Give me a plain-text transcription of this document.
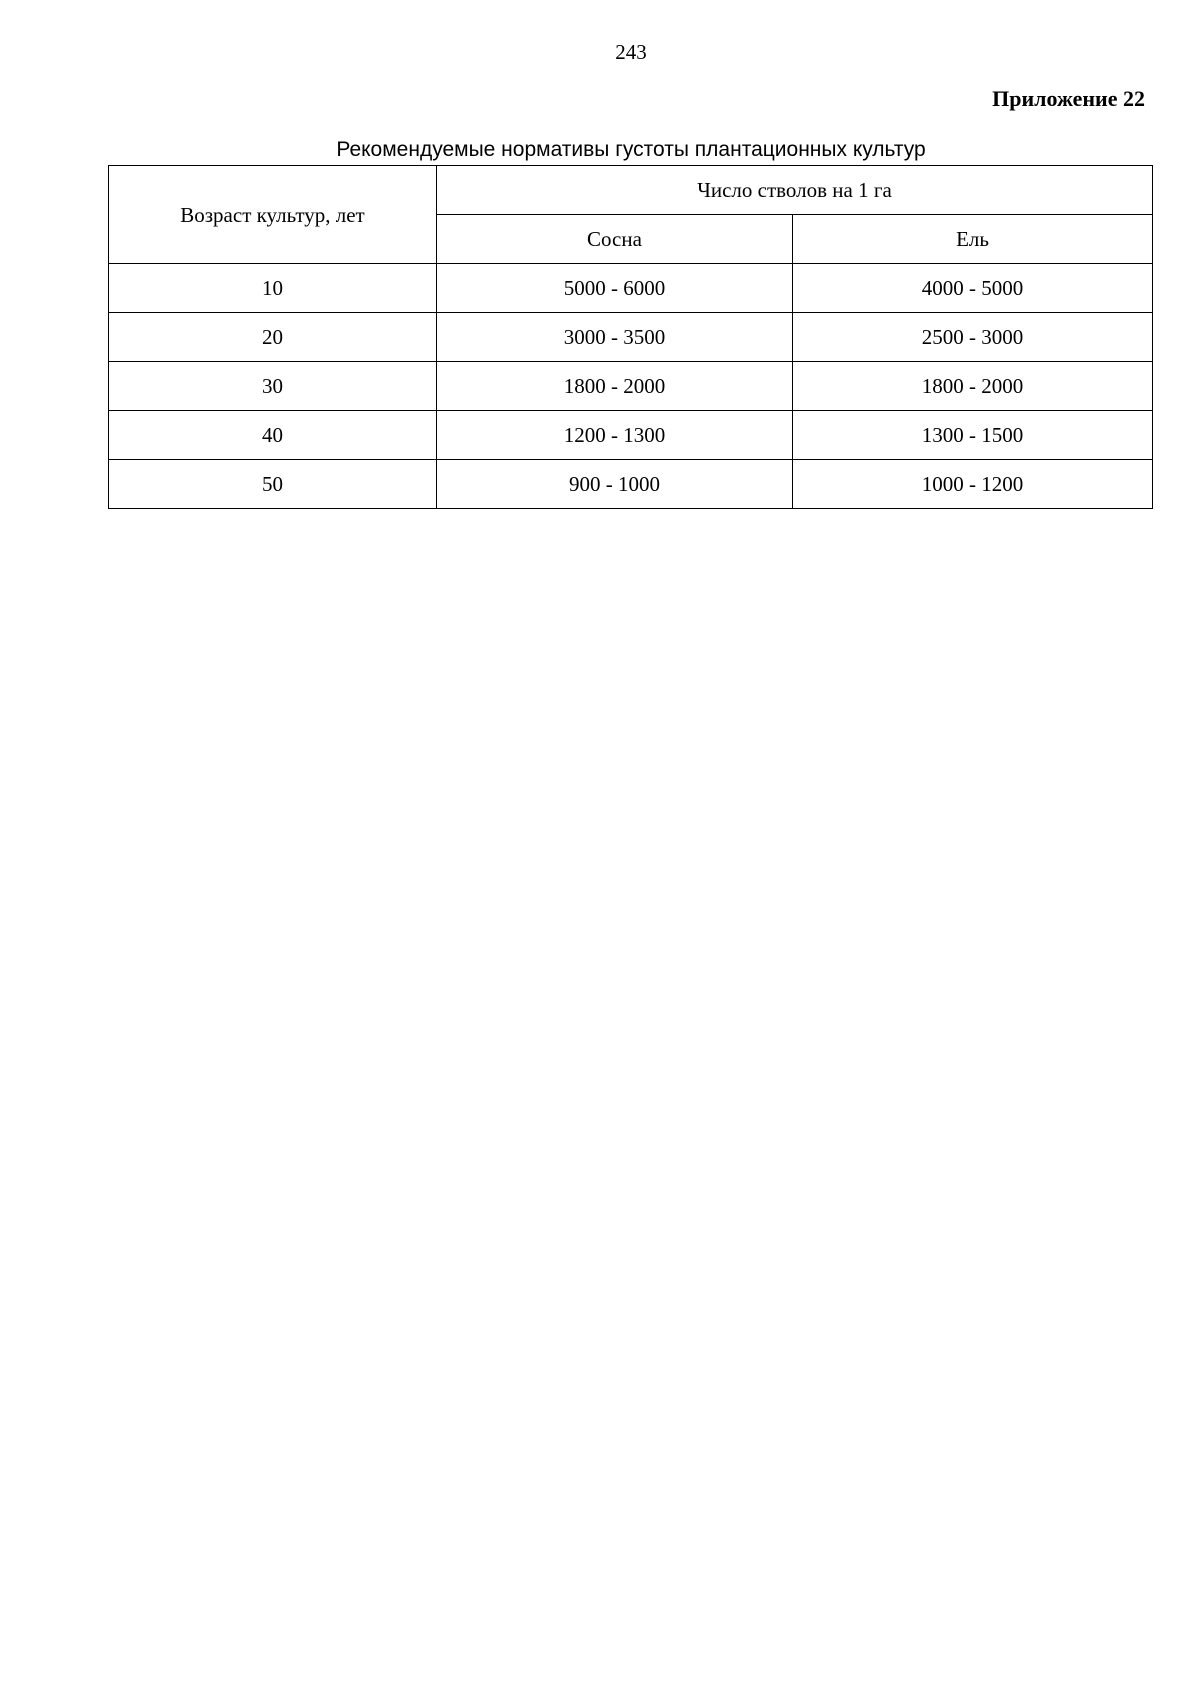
243
Приложение 22
Рекомендуемые нормативы густоты плантационных культур
Возраст культур, лет	Число стволов на 1 га	
	Сосна	Ель
10	5000 - 6000	4000 - 5000
20	3000 - 3500	2500 - 3000
30	1800 - 2000	1800 - 2000
40	1200 - 1300	1300 - 1500
50	900 - 1000	1000 - 1200
